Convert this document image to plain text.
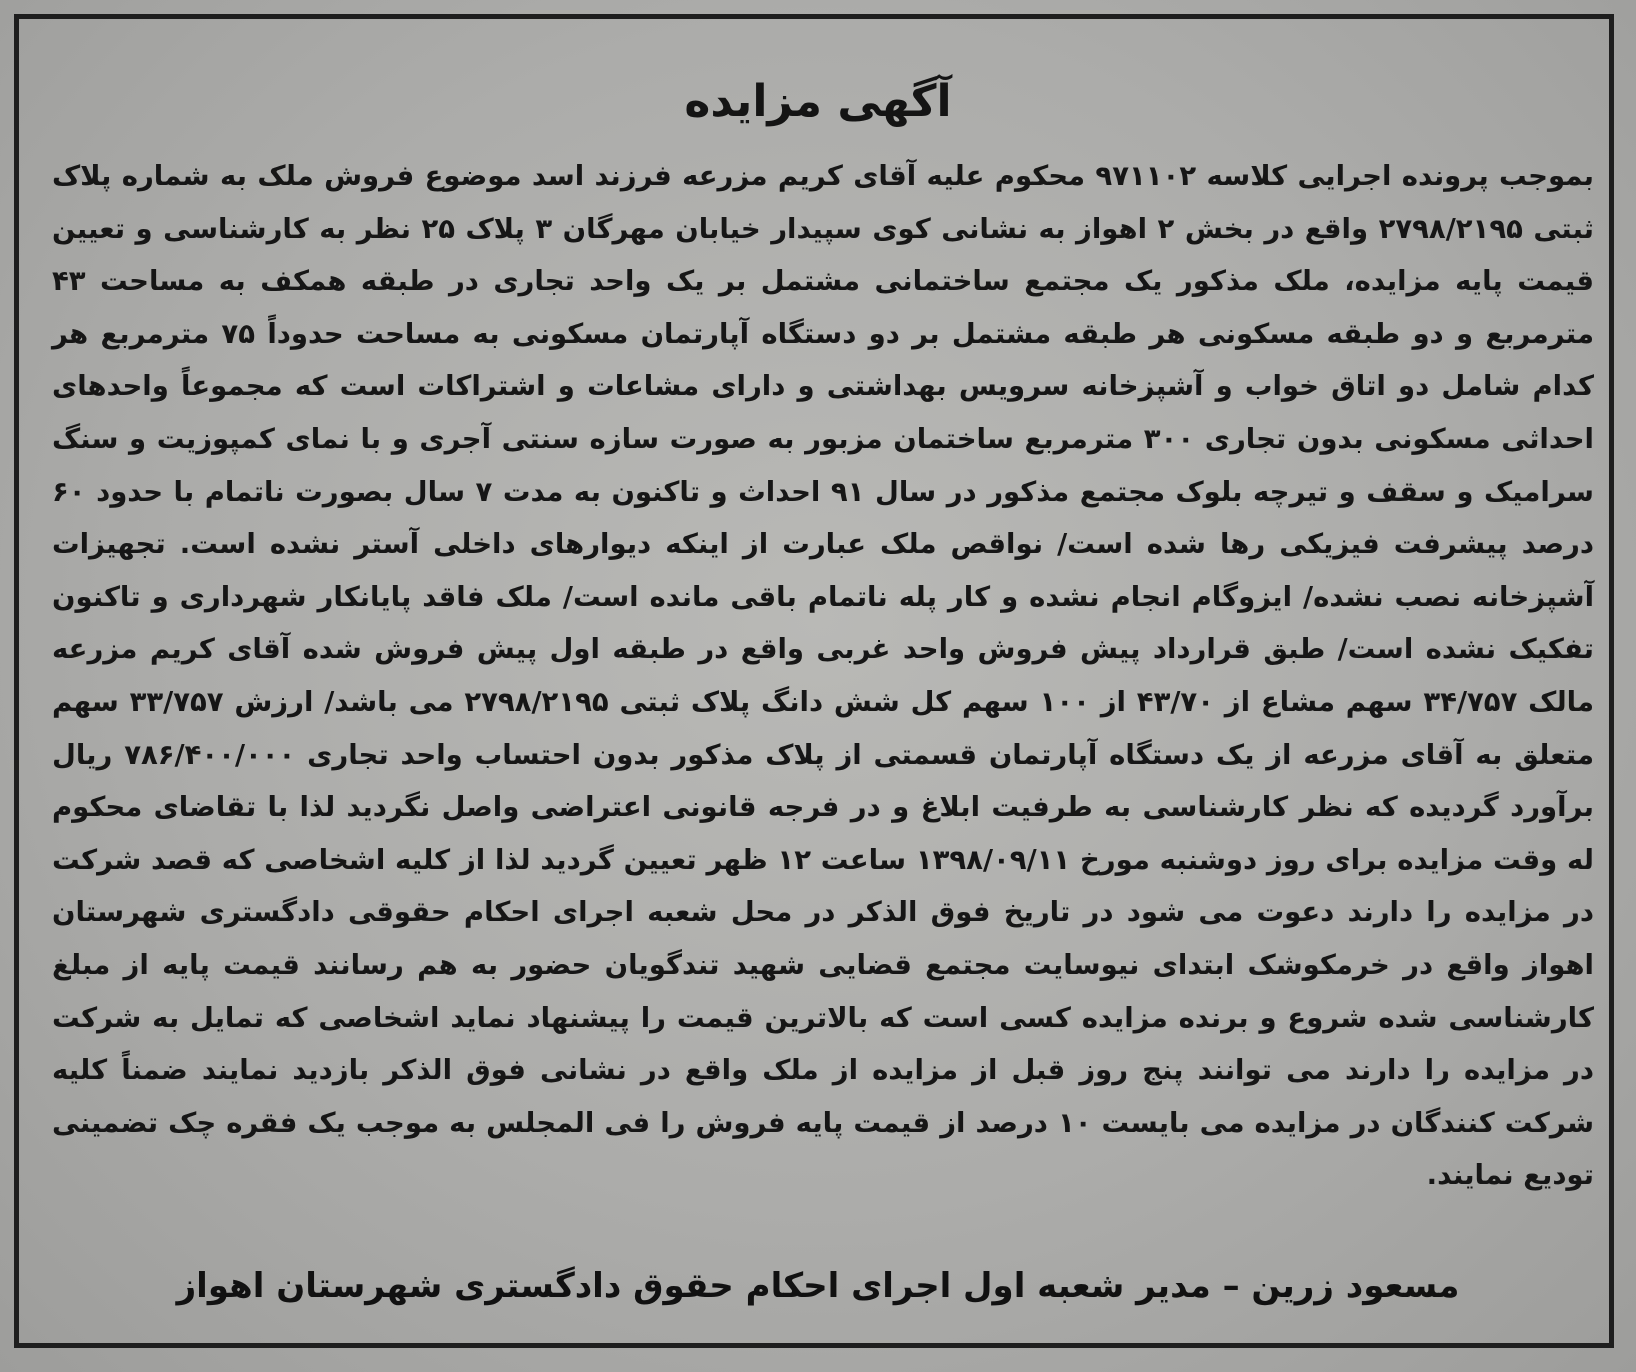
آگهی مزایده
بموجب پرونده اجرایی کلاسه ۹۷۱۱۰۲ محکوم علیه آقای کریم مزرعه فرزند اسد موضوع فروش ملک به شماره پلاک ثبتی ۲۷۹۸/۲۱۹۵ واقع در بخش ۲ اهواز به نشانی کوی سپیدار خیابان مهرگان ۳ پلاک ۲۵ نظر به کارشناسی و تعیین قیمت پایه مزایده، ملک مذکور یک مجتمع ساختمانی مشتمل بر یک واحد تجاری در طبقه همکف به مساحت ۴۳ مترمربع و دو طبقه مسکونی هر طبقه مشتمل بر دو دستگاه آپارتمان مسکونی به مساحت حدوداً ۷۵ مترمربع هر کدام شامل دو اتاق خواب و آشپزخانه سرویس بهداشتی و دارای مشاعات و اشتراکات است که مجموعاً واحدهای احداثی مسکونی بدون تجاری ۳۰۰ مترمربع ساختمان مزبور به صورت سازه سنتی آجری و با نمای کمپوزیت و سنگ سرامیک و سقف و تیرچه بلوک مجتمع مذکور در سال ۹۱ احداث و تاکنون به مدت ۷ سال بصورت ناتمام با حدود ۶۰ درصد پیشرفت فیزیکی رها شده است/ نواقص ملک عبارت از اینکه دیوارهای داخلی آستر نشده است. تجهیزات آشپزخانه نصب نشده/ ایزوگام انجام نشده و کار پله ناتمام باقی مانده است/ ملک فاقد پایانکار شهرداری و تاکنون تفکیک نشده است/ طبق قرارداد پیش فروش واحد غربی واقع در طبقه اول پیش فروش شده آقای کریم مزرعه مالک ۳۴/۷۵۷ سهم مشاع از ۴۳/۷۰ از ۱۰۰ سهم کل شش دانگ پلاک ثبتی ۲۷۹۸/۲۱۹۵ می باشد/ ارزش ۳۳/۷۵۷ سهم متعلق به آقای مزرعه از یک دستگاه آپارتمان قسمتی از پلاک مذکور بدون احتساب واحد تجاری ۷۸۶/۴۰۰/۰۰۰ ریال برآورد گردیده که نظر کارشناسی به طرفیت ابلاغ و در فرجه قانونی اعتراضی واصل نگردید لذا با تقاضای محکوم له وقت مزایده برای روز دوشنبه مورخ ۱۳۹۸/۰۹/۱۱ ساعت ۱۲ ظهر تعیین گردید لذا از کلیه اشخاصی که قصد شرکت در مزایده را دارند دعوت می شود در تاریخ فوق الذکر در محل شعبه اجرای احکام حقوقی دادگستری شهرستان اهواز واقع در خرمکوشک ابتدای نیوسایت مجتمع قضایی شهید تندگویان حضور به هم رسانند قیمت پایه از مبلغ کارشناسی شده شروع و برنده مزایده کسی است که بالاترین قیمت را پیشنهاد نماید اشخاصی که تمایل به شرکت در مزایده را دارند می توانند پنج روز قبل از مزایده از ملک واقع در نشانی فوق الذکر بازدید نمایند ضمناً کلیه شرکت کنندگان در مزایده می بایست ۱۰ درصد از قیمت پایه فروش را فی المجلس به موجب یک فقره چک تضمینی تودیع نمایند.
مسعود زرین – مدیر شعبه اول اجرای احکام حقوق دادگستری شهرستان اهواز
